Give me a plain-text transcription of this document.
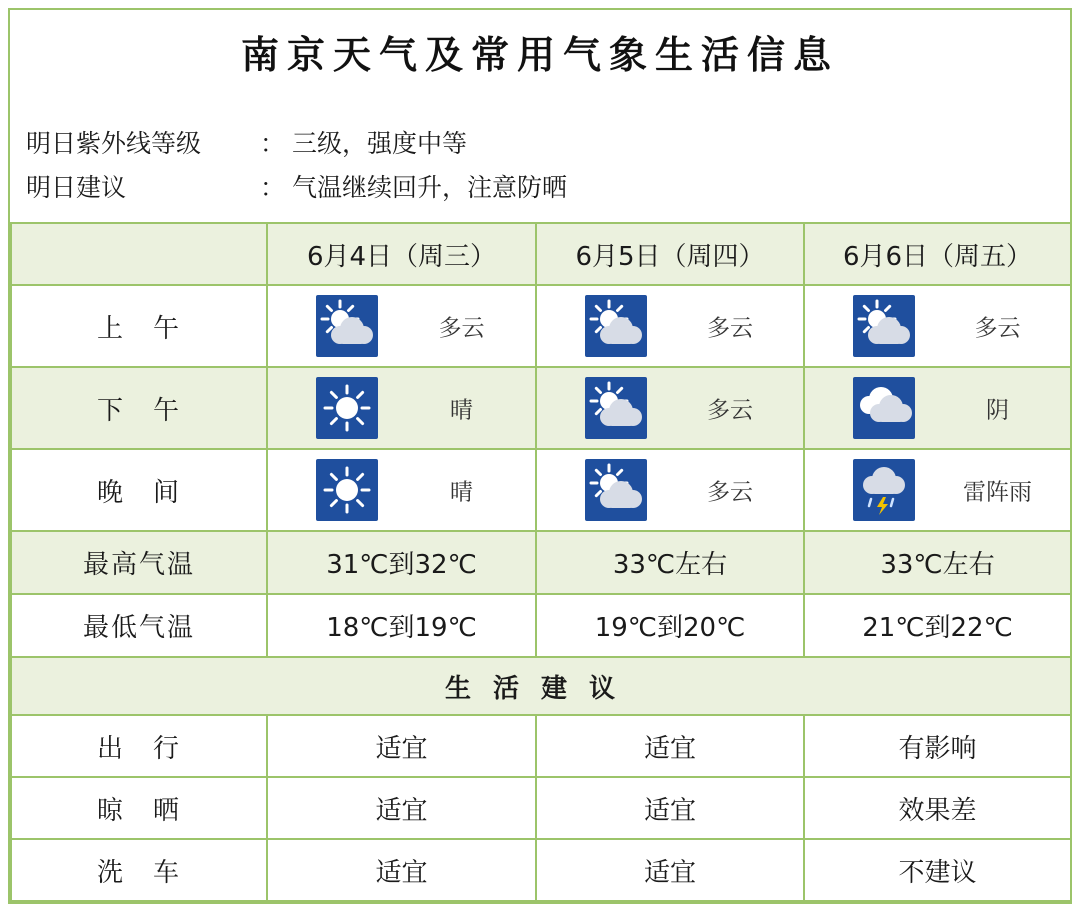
南京天气及常用气象生活信息
明日紫外线等级	： 三级，强度中等
明日建议	： 气温继续回升，注意防晒
	6月4日（周三）	6月5日（周四）	6月6日（周五）
上　午	多云	多云	多云

下　午	晴	多云	阴

晚　间	晴	多云	雷阵雨

最高气温	31℃到32℃	33℃左右	33℃左右
最低气温	18℃到19℃	19℃到20℃	21℃到22℃
生活建议			
出　行	适宜	适宜	有影响
晾　晒	适宜	适宜	效果差
洗　车	适宜	适宜	不建议
